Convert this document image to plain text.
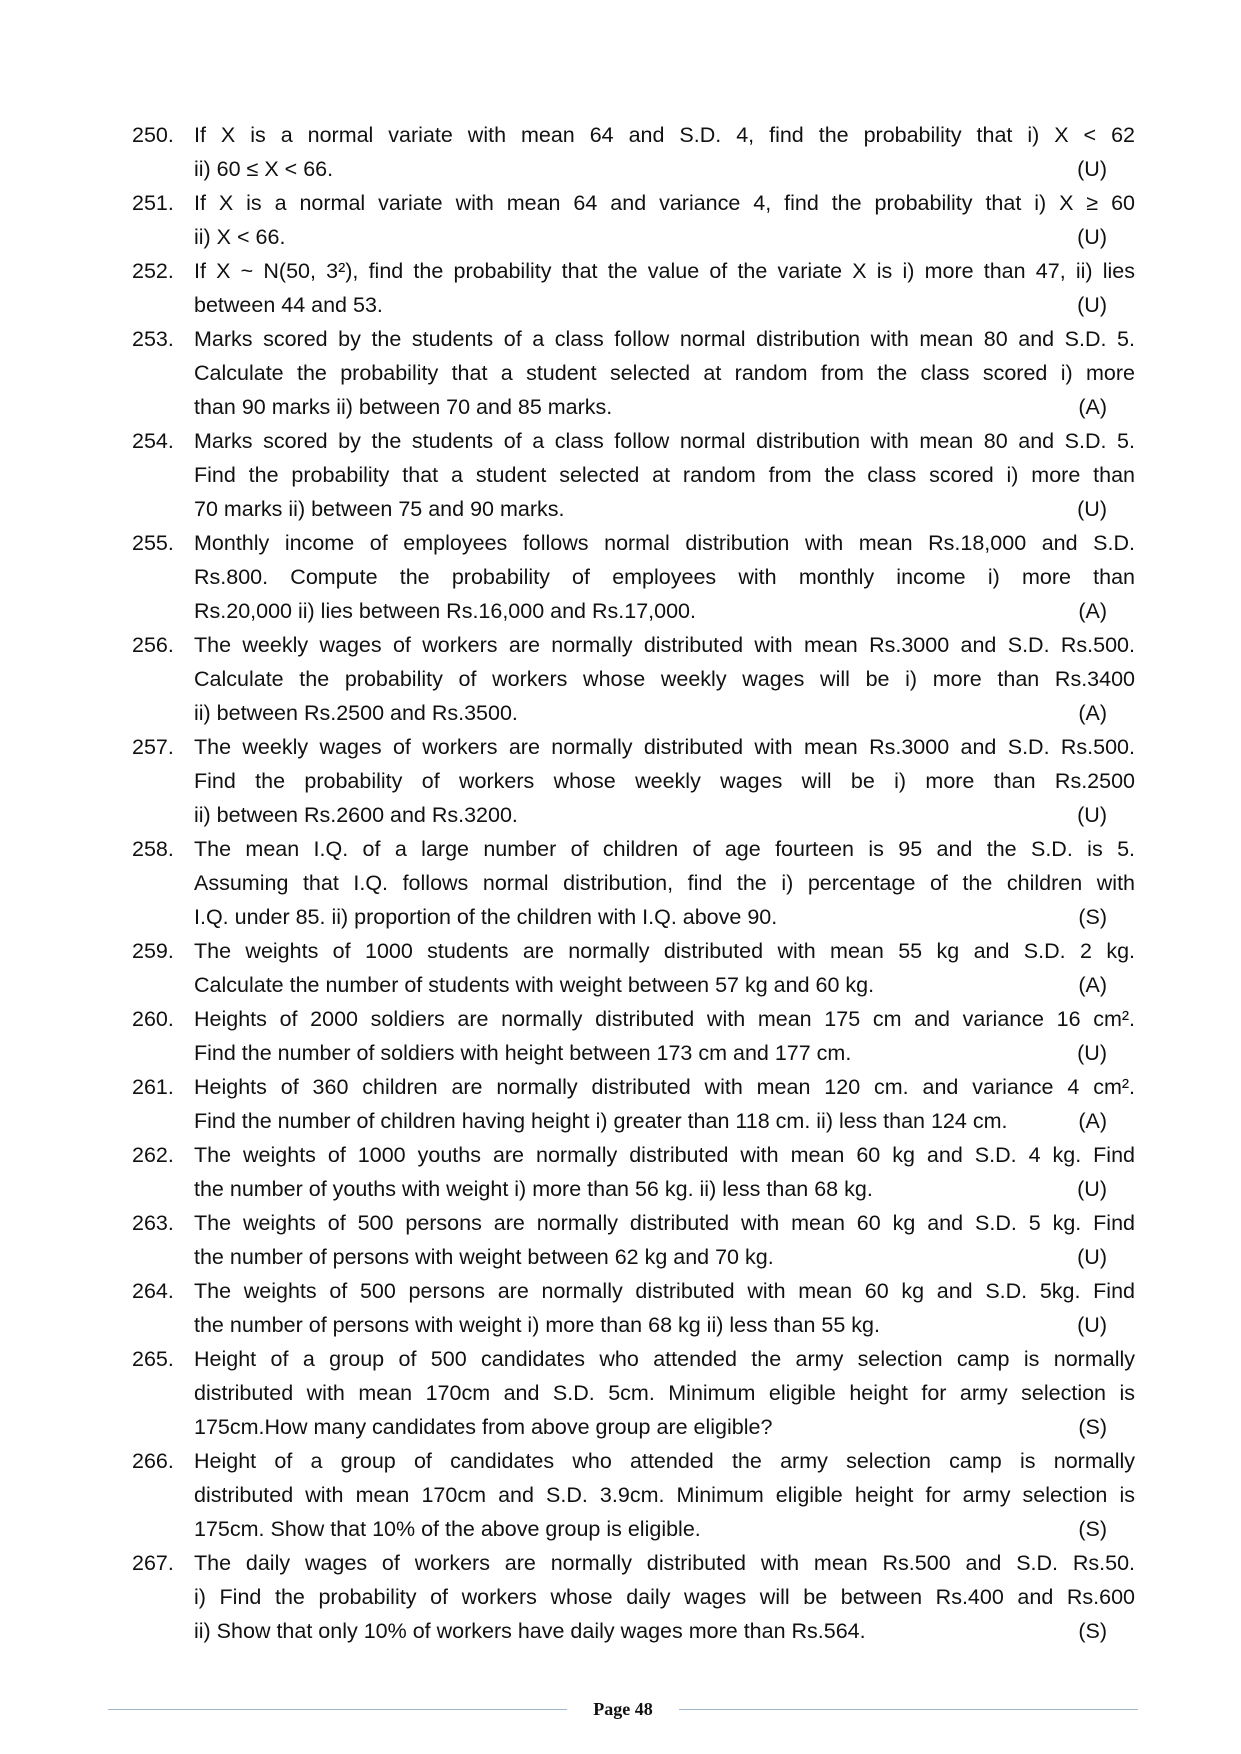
250. If X is a normal variate with mean 64 and S.D. 4, find the probability that i) X < 62
ii) 60 ≤ X < 66.	(U)
251. If X is a normal variate with mean 64 and variance 4, find the probability that i) X ≥ 60
ii) X < 66.	(U)
252. If X ~ N(50, 3²), find the probability that the value of the variate X is i) more than 47, ii) lies
between 44 and 53.	(U)
253. Marks scored by the students of a class follow normal distribution with mean 80 and S.D. 5.
Calculate the probability that a student selected at random from the class scored i) more
than 90 marks ii) between 70 and 85 marks.	(A)
254. Marks scored by the students of a class follow normal distribution with mean 80 and S.D. 5.
Find the probability that a student selected at random from the class scored i) more than
70 marks ii) between 75 and 90 marks.	(U)
255. Monthly income of employees follows normal distribution with mean Rs.18,000 and S.D.
Rs.800. Compute the probability of employees with monthly income i) more than
Rs.20,000 ii) lies between Rs.16,000 and Rs.17,000.	(A)
256. The weekly wages of workers are normally distributed with mean Rs.3000 and S.D. Rs.500.
Calculate the probability of workers whose weekly wages will be i) more than Rs.3400
ii) between Rs.2500 and Rs.3500.	(A)
257. The weekly wages of workers are normally distributed with mean Rs.3000 and S.D. Rs.500.
Find the probability of workers whose weekly wages will be i) more than Rs.2500
ii) between Rs.2600 and Rs.3200.	(U)
258. The mean I.Q. of a large number of children of age fourteen is 95 and the S.D. is 5.
Assuming that I.Q. follows normal distribution, find the i) percentage of the children with
I.Q. under 85. ii) proportion of the children with I.Q. above 90.	(S)
259. The weights of 1000 students are normally distributed with mean 55 kg and S.D. 2 kg.
Calculate the number of students with weight between 57 kg and 60 kg.	(A)
260. Heights of 2000 soldiers are normally distributed with mean 175 cm and variance 16 cm².
Find the number of soldiers with height between 173 cm and 177 cm.	(U)
261. Heights of 360 children are normally distributed with mean 120 cm. and variance 4 cm².
Find the number of children having height i) greater than 118 cm. ii) less than 124 cm.	(A)
262. The weights of 1000 youths are normally distributed with mean 60 kg and S.D. 4 kg. Find
the number of youths with weight i) more than 56 kg. ii) less than 68 kg.	(U)
263. The weights of 500 persons are normally distributed with mean 60 kg and S.D. 5 kg. Find
the number of persons with weight between 62 kg and 70 kg.	(U)
264. The weights of 500 persons are normally distributed with mean 60 kg and S.D. 5kg. Find
the number of persons with weight i) more than 68 kg ii) less than 55 kg.	(U)
265. Height of a group of 500 candidates who attended the army selection camp is normally
distributed with mean 170cm and S.D. 5cm. Minimum eligible height for army selection is
175cm.How many candidates from above group are eligible?	(S)
266. Height of a group of candidates who attended the army selection camp is normally
distributed with mean 170cm and S.D. 3.9cm. Minimum eligible height for army selection is
175cm. Show that 10% of the above group is eligible.	(S)
267. The daily wages of workers are normally distributed with mean Rs.500 and S.D. Rs.50.
i) Find the probability of workers whose daily wages will be between Rs.400 and Rs.600
ii) Show that only 10% of workers have daily wages more than Rs.564.	(S)
Page 48
